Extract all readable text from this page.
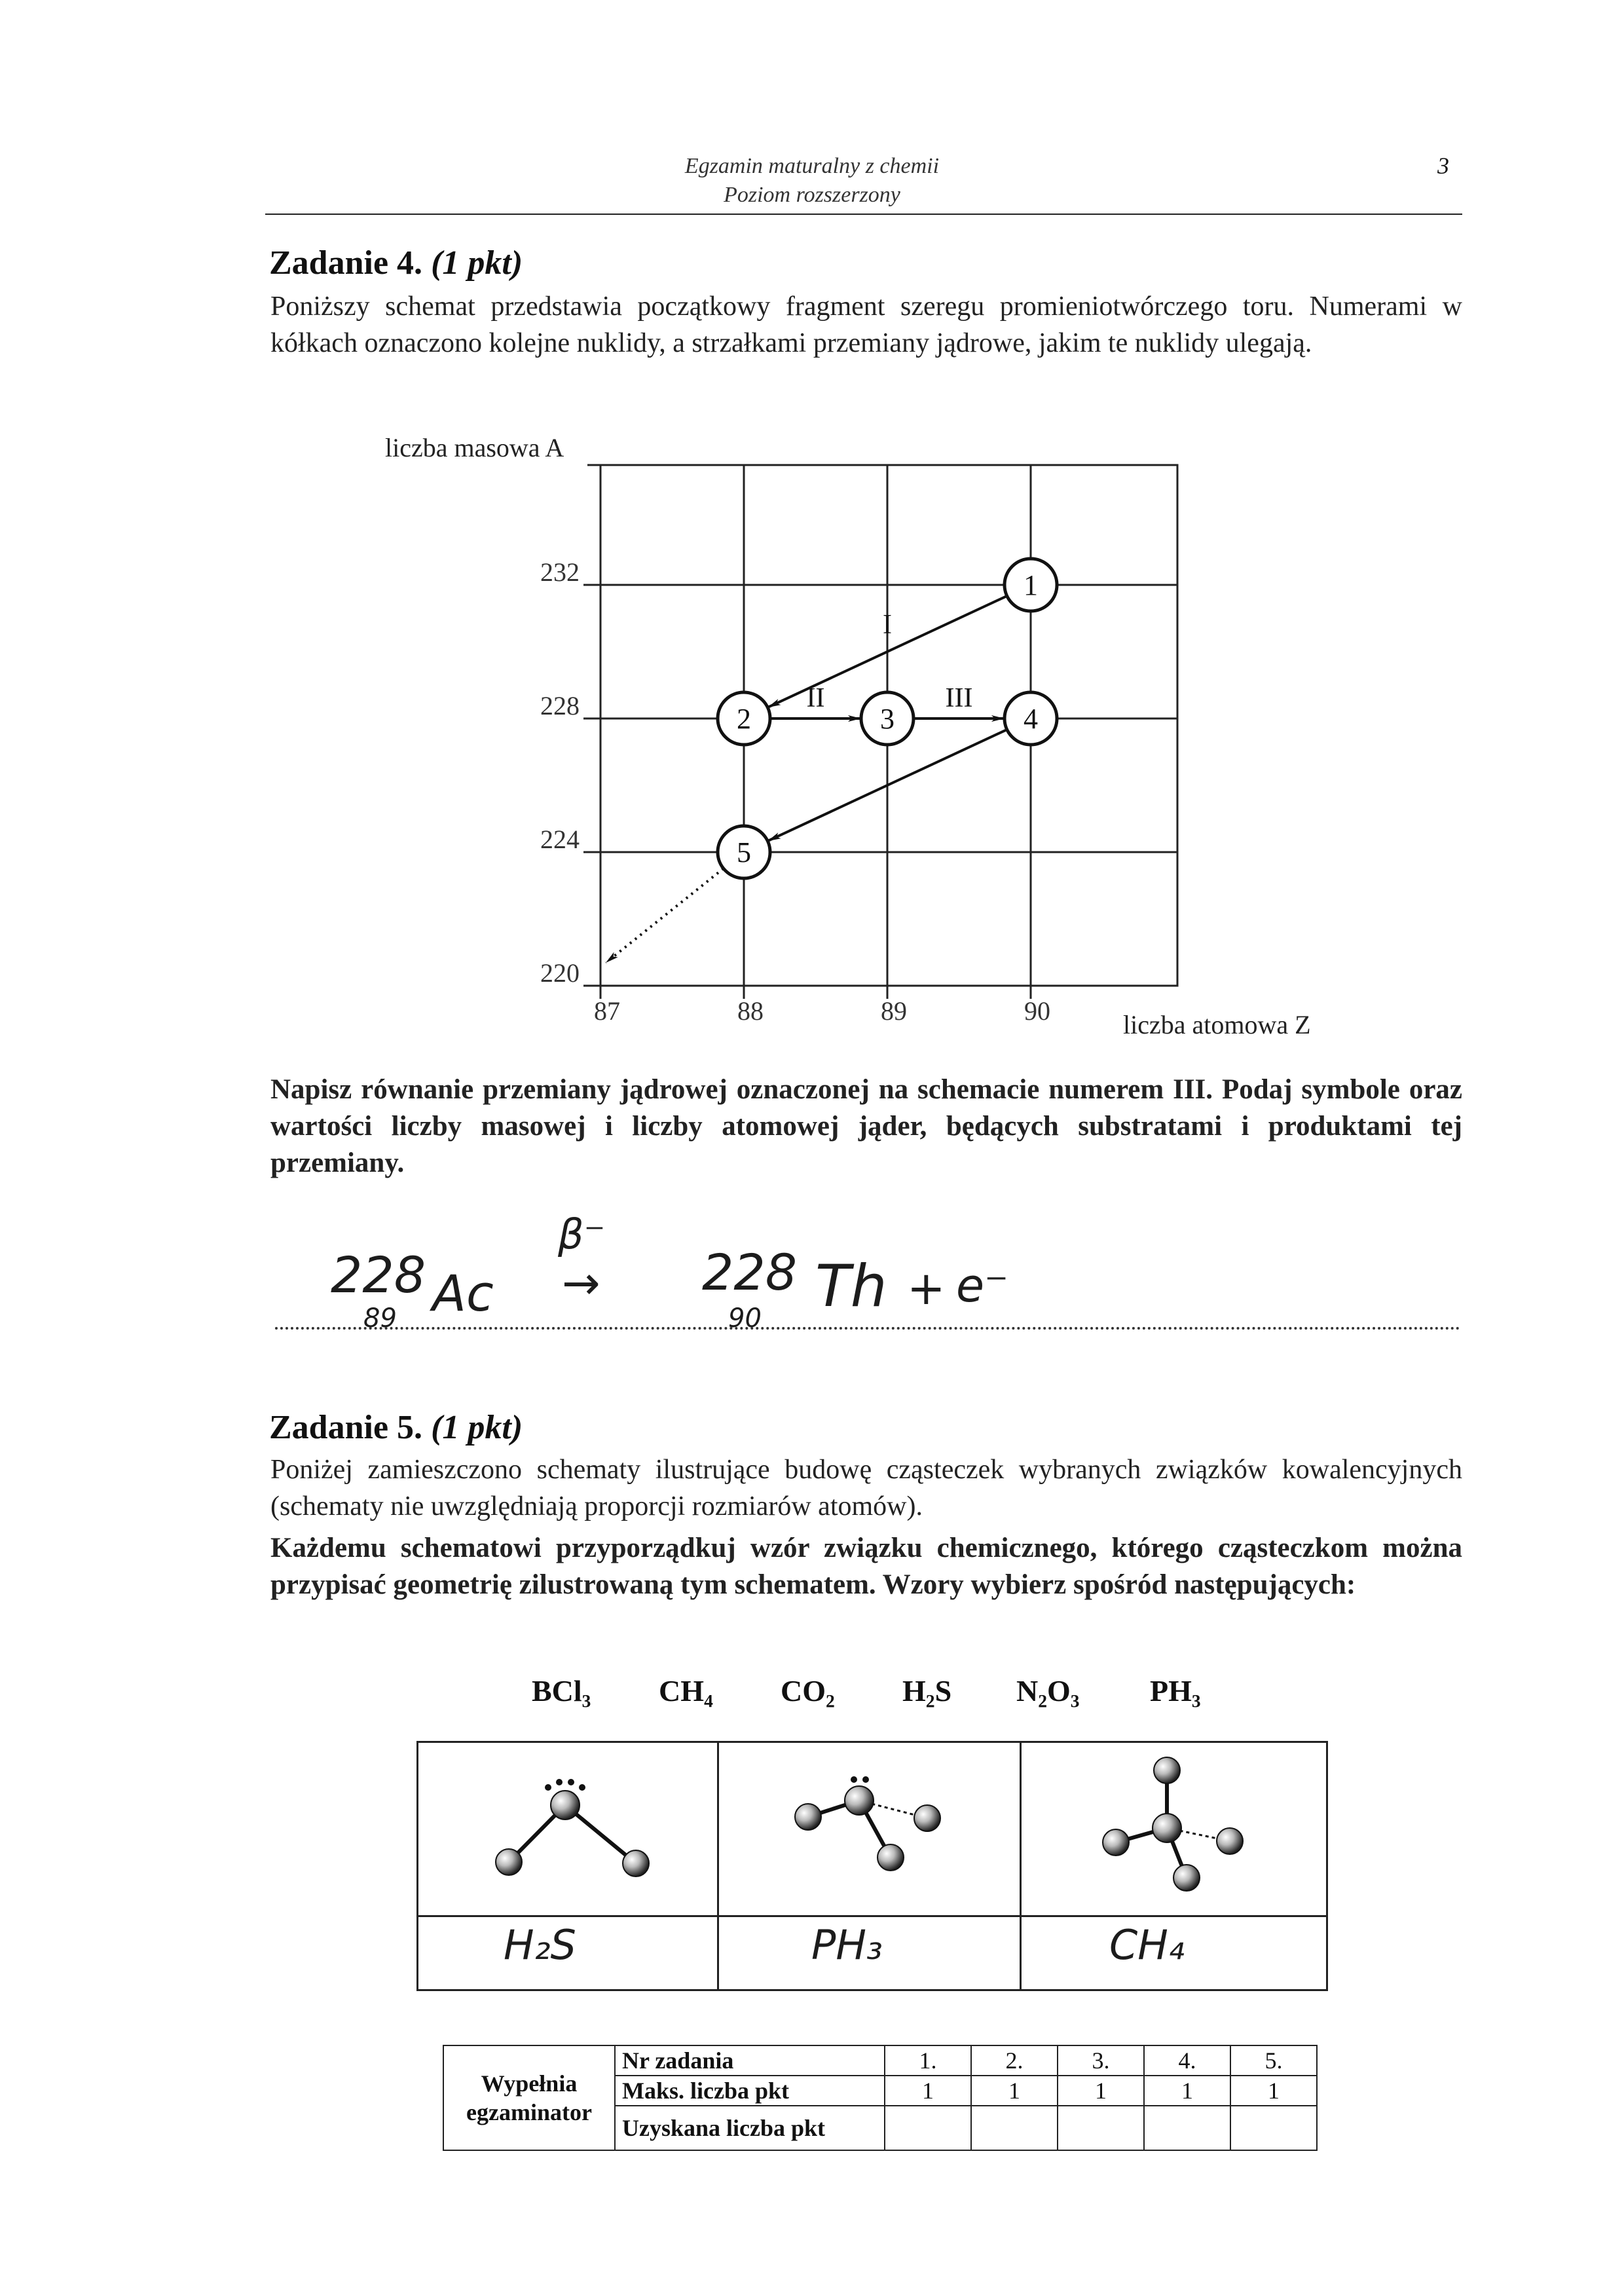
Egzamin maturalny z chemii
Poziom rozszerzony
3
Zadanie 4. (1 pkt)
Poniższy schemat przedstawia początkowy fragment szeregu promieniotwórczego toru. Numerami w kółkach oznaczono kolejne nuklidy, a strzałkami przemiany jądrowe, jakim te nuklidy ulegają.
232
228
224
220
87	88	89	90
I
II	III
1
2	3	4
5
liczba masowa A
liczba atomowa Z
Napisz równanie przemiany jądrowej oznaczonej na schemacie numerem III. Podaj symbole oraz wartości liczby masowej i liczby atomowej jąder, będących substratami i produktami tej przemiany.
228
89 Ac
β⁻
→ 228
90 Th + e⁻
Zadanie 5. (1 pkt)
Poniżej zamieszczono schematy ilustrujące budowę cząsteczek wybranych związków kowalencyjnych (schematy nie uwzględniają proporcji rozmiarów atomów).
Każdemu schematowi przyporządkuj wzór związku chemicznego, którego cząsteczkom można przypisać geometrię zilustrowaną tym schematem. Wzory wybierz spośród następujących:
BCl₃ CH₄ CO₂ H₂S N₂O₃ PH₃
H₂S	PH₃	CH₄
Wypełnia
egzaminator	Nr zadania	1.	2.	3.	4.	5.
	Maks. liczba pkt	1	1	1	1	1
	Uzyskana liczba pkt					
